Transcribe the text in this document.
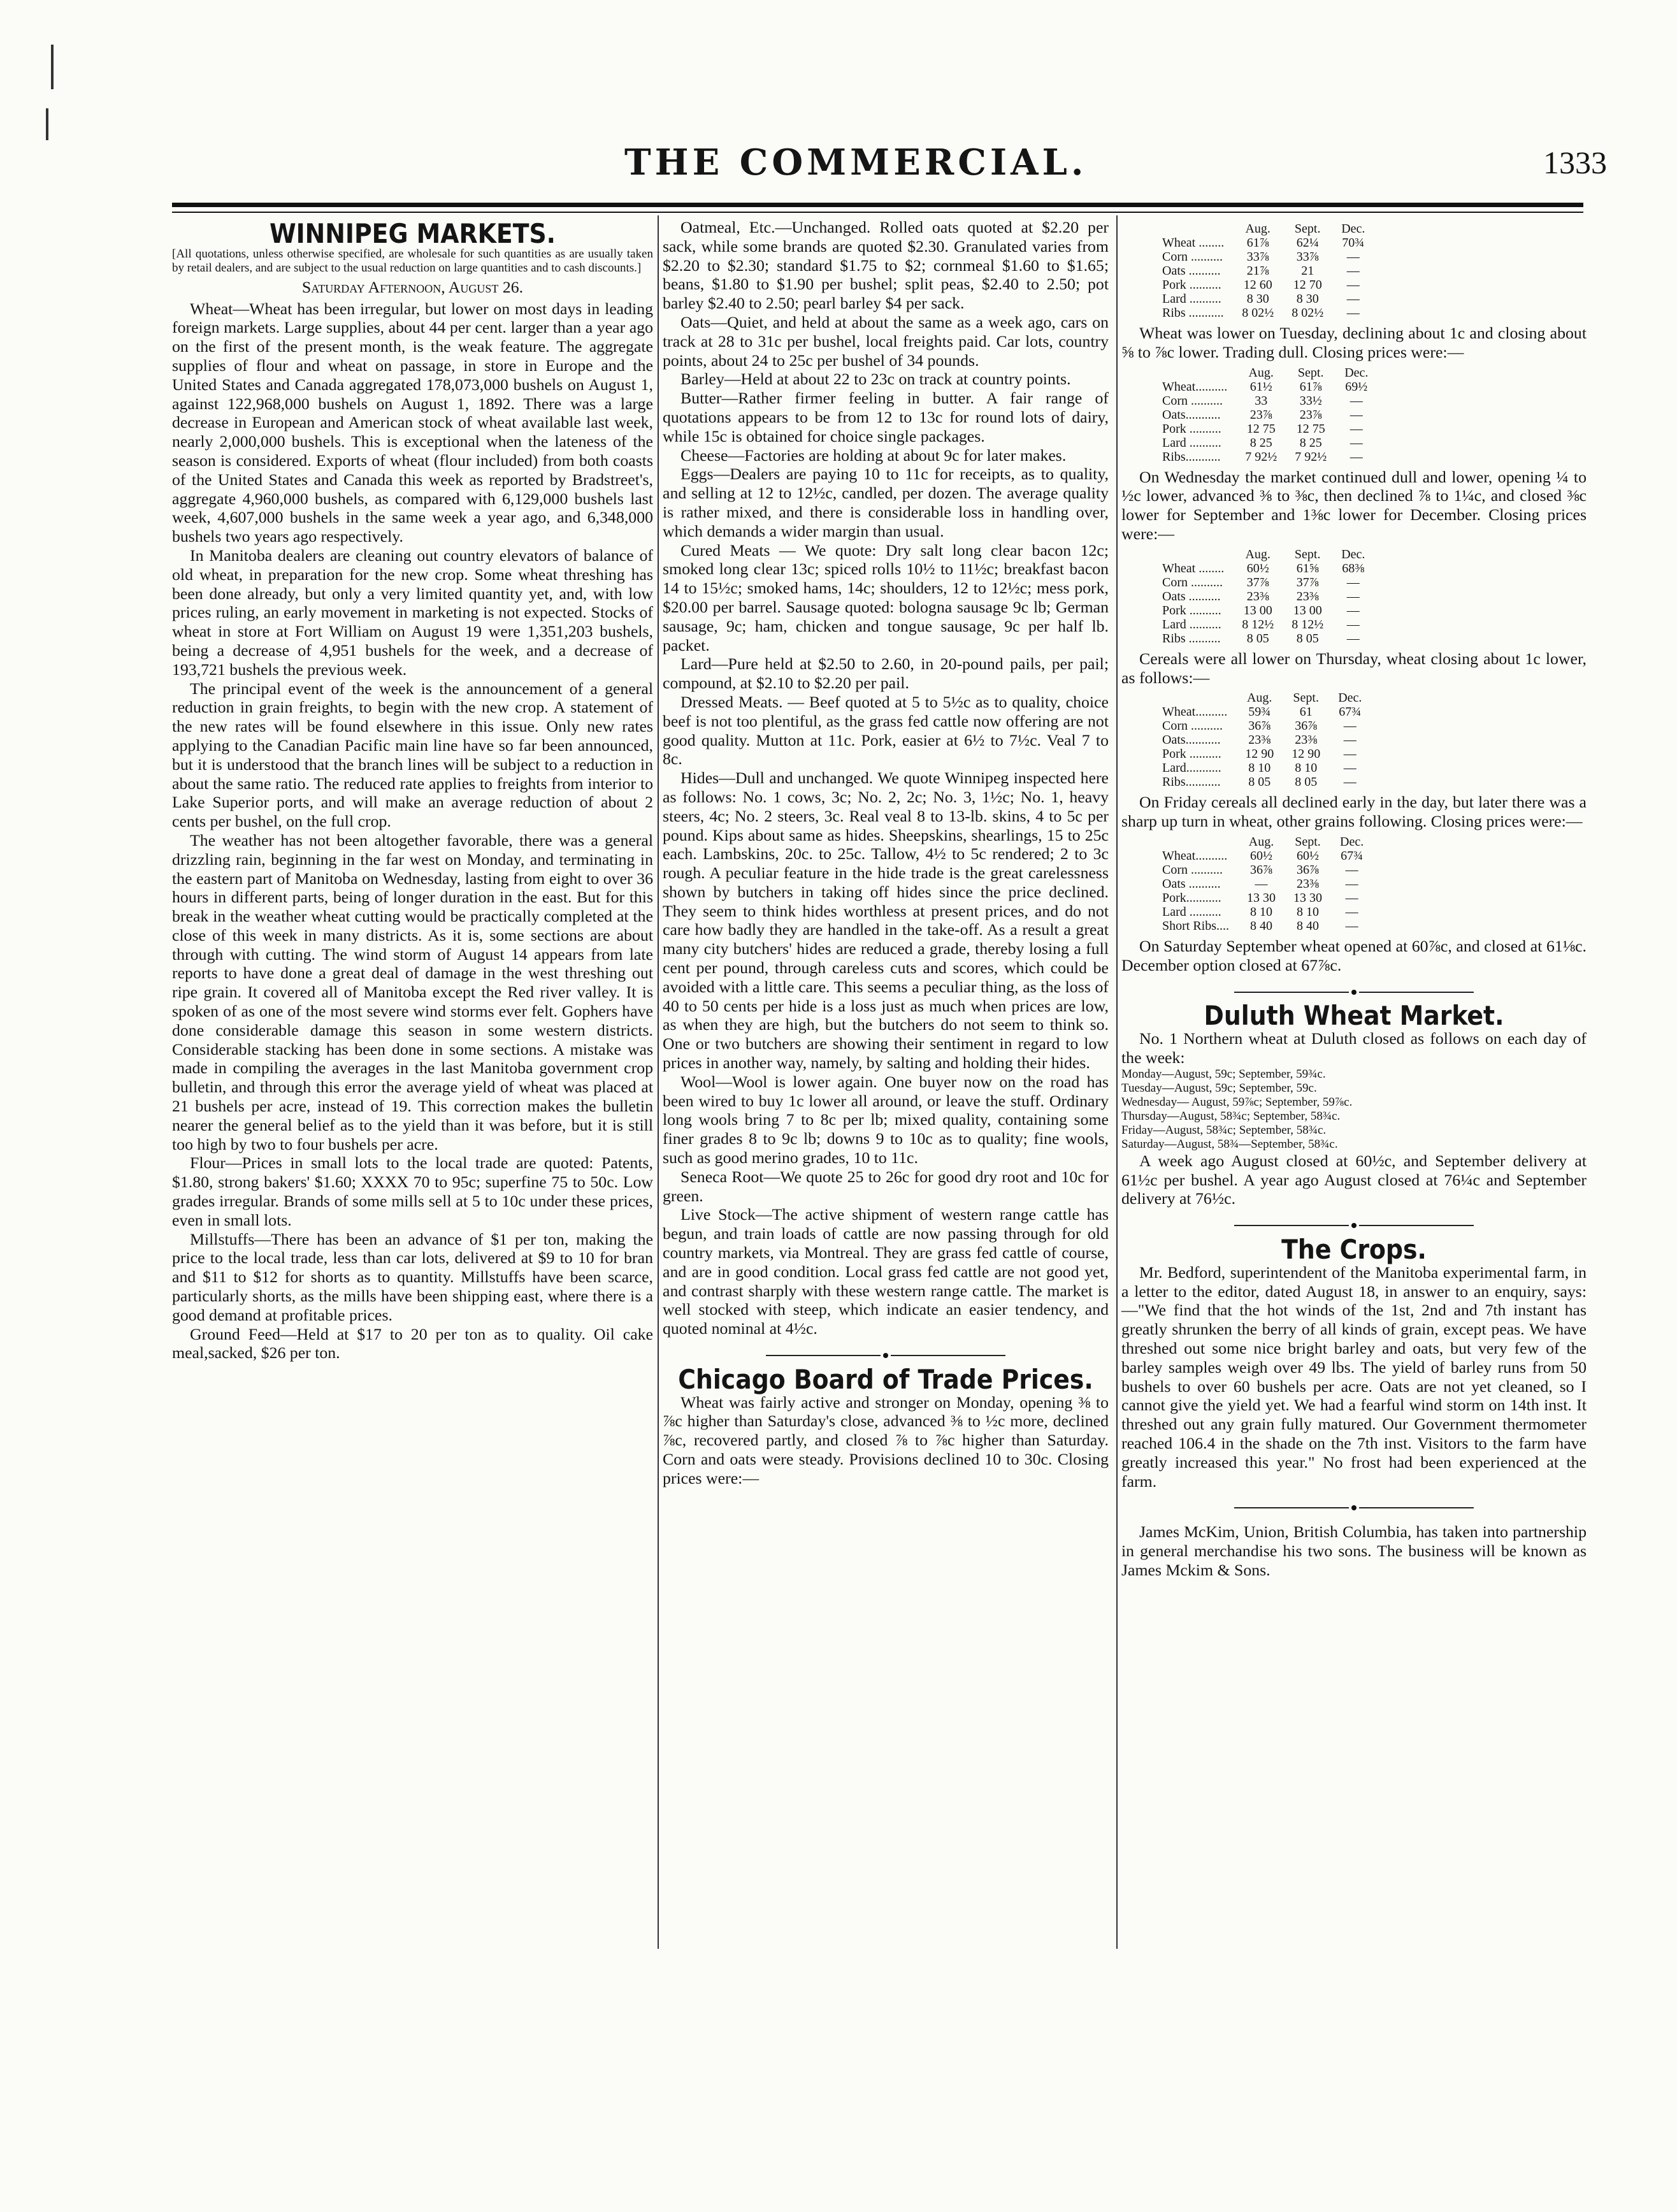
THE COMMERCIAL.	1333
WINNIPEG MARKETS.

[All quotations, unless otherwise specified, are wholesale for such quantities as are usually taken by retail dealers, and are subject to the usual reduction on large quantities and to cash discounts.]

Saturday Afternoon, August 26.

Wheat—Wheat has been irregular, but lower on most days in leading foreign markets. Large supplies, about 44 per cent. larger than a year ago on the first of the present month, is the weak feature. The aggregate supplies of flour and wheat on passage, in store in Europe and the United States and Canada aggregated 178,073,000 bushels on August 1, against 122,968,000 bushels on August 1, 1892. There was a large decrease in European and American stock of wheat available last week, nearly 2,000,000 bushels. This is exceptional when the lateness of the season is considered. Exports of wheat (flour included) from both coasts of the United States and Canada this week as reported by Bradstreet's, aggregate 4,960,000 bushels, as compared with 6,129,000 bushels last week, 4,607,000 bushels in the same week a year ago, and 6,348,000 bushels two years ago respectively.

In Manitoba dealers are cleaning out country elevators of balance of old wheat, in preparation for the new crop. Some wheat threshing has been done already, but only a very limited quantity yet, and, with low prices ruling, an early movement in marketing is not expected. Stocks of wheat in store at Fort William on August 19 were 1,351,203 bushels, being a decrease of 4,951 bushels for the week, and a decrease of 193,721 bushels the previous week.

The principal event of the week is the announcement of a general reduction in grain freights, to begin with the new crop. A statement of the new rates will be found elsewhere in this issue. Only new rates applying to the Canadian Pacific main line have so far been announced, but it is understood that the branch lines will be subject to a reduction in about the same ratio. The reduced rate applies to freights from interior to Lake Superior ports, and will make an average reduction of about 2 cents per bushel, on the full crop.

The weather has not been altogether favorable, there was a general drizzling rain, beginning in the far west on Monday, and terminating in the eastern part of Manitoba on Wednesday, lasting from eight to over 36 hours in different parts, being of longer duration in the east. But for this break in the weather wheat cutting would be practically completed at the close of this week in many districts. As it is, some sections are about through with cutting. The wind storm of August 14 appears from late reports to have done a great deal of damage in the west threshing out ripe grain. It covered all of Manitoba except the Red river valley. It is spoken of as one of the most severe wind storms ever felt. Gophers have done considerable damage this season in some western districts. Considerable stacking has been done in some sections. A mistake was made in compiling the averages in the last Manitoba government crop bulletin, and through this error the average yield of wheat was placed at 21 bushels per acre, instead of 19. This correction makes the bulletin nearer the general belief as to the yield than it was before, but it is still too high by two to four bushels per acre.

Flour—Prices in small lots to the local trade are quoted: Patents, $1.80, strong bakers' $1.60; XXXX 70 to 95c; superfine 75 to 50c. Low grades irregular. Brands of some mills sell at 5 to 10c under these prices, even in small lots.

Millstuffs—There has been an advance of $1 per ton, making the price to the local trade, less than car lots, delivered at $9 to 10 for bran and $11 to $12 for shorts as to quantity. Millstuffs have been scarce, particularly shorts, as the mills have been shipping east, where there is a good demand at profitable prices.

Ground Feed—Held at $17 to 20 per ton as to quality. Oil cake meal,sacked, $26 per ton.

Oatmeal, Etc.—Unchanged. Rolled oats quoted at $2.20 per sack, while some brands are quoted $2.30. Granulated varies from $2.20 to $2.30; standard $1.75 to $2; cornmeal $1.60 to $1.65; beans, $1.80 to $1.90 per bushel; split peas, $2.40 to 2.50; pot barley $2.40 to 2.50; pearl barley $4 per sack.

Oats—Quiet, and held at about the same as a week ago, cars on track at 28 to 31c per bushel, local freights paid. Car lots, country points, about 24 to 25c per bushel of 34 pounds.

Barley—Held at about 22 to 23c on track at country points.

Butter—Rather firmer feeling in butter. A fair range of quotations appears to be from 12 to 13c for round lots of dairy, while 15c is obtained for choice single packages.

Cheese—Factories are holding at about 9c for later makes.

Eggs—Dealers are paying 10 to 11c for receipts, as to quality, and selling at 12 to 12½c, candled, per dozen. The average quality is rather mixed, and there is considerable loss in handling over, which demands a wider margin than usual.

Cured Meats — We quote: Dry salt long clear bacon 12c; smoked long clear 13c; spiced rolls 10½ to 11½c; breakfast bacon 14 to 15½c; smoked hams, 14c; shoulders, 12 to 12½c; mess pork, $20.00 per barrel. Sausage quoted: bologna sausage 9c lb; German sausage, 9c; ham, chicken and tongue sausage, 9c per half lb. packet.

Lard—Pure held at $2.50 to 2.60, in 20-pound pails, per pail; compound, at $2.10 to $2.20 per pail.

Dressed Meats. — Beef quoted at 5 to 5½c as to quality, choice beef is not too plentiful, as the grass fed cattle now offering are not good quality. Mutton at 11c. Pork, easier at 6½ to 7½c. Veal 7 to 8c.

Hides—Dull and unchanged. We quote Winnipeg inspected here as follows: No. 1 cows, 3c; No. 2, 2c; No. 3, 1½c; No. 1, heavy steers, 4c; No. 2 steers, 3c. Real veal 8 to 13-lb. skins, 4 to 5c per pound. Kips about same as hides. Sheepskins, shearlings, 15 to 25c each. Lambskins, 20c. to 25c. Tallow, 4½ to 5c rendered; 2 to 3c rough. A peculiar feature in the hide trade is the great carelessness shown by butchers in taking off hides since the price declined. They seem to think hides worthless at present prices, and do not care how badly they are handled in the take-off. As a result a great many city butchers' hides are reduced a grade, thereby losing a full cent per pound, through careless cuts and scores, which could be avoided with a little care. This seems a peculiar thing, as the loss of 40 to 50 cents per hide is a loss just as much when prices are low, as when they are high, but the butchers do not seem to think so. One or two butchers are showing their sentiment in regard to low prices in another way, namely, by salting and holding their hides.

Wool—Wool is lower again. One buyer now on the road has been wired to buy 1c lower all around, or leave the stuff. Ordinary long wools bring 7 to 8c per lb; mixed quality, containing some finer grades 8 to 9c lb; downs 9 to 10c as to quality; fine wools, such as good merino grades, 10 to 11c.

Seneca Root—We quote 25 to 26c for good dry root and 10c for green.

Live Stock—The active shipment of western range cattle has begun, and train loads of cattle are now passing through for old country markets, via Montreal. They are grass fed cattle of course, and are in good condition. Local grass fed cattle are not good yet, and contrast sharply with these western range cattle. The market is well stocked with steep, which indicate an easier tendency, and quoted nominal at 4½c.

Chicago Board of Trade Prices.

Wheat was fairly active and stronger on Monday, opening ⅜ to ⅞c higher than Saturday's close, advanced ⅜ to ½c more, declined ⅞c, recovered partly, and closed ⅞ to ⅞c higher than Saturday. Corn and oats were steady. Provisions declined 10 to 30c. Closing prices were:—

	Aug.	Sept.	Dec.
Wheat ........	61⅞	62¼	70¾
Corn ..........	33⅞	33⅞	—
Oats ..........	21⅞	21	—
Pork ..........	12 60	12 70	—
Lard ..........	8 30	8 30	—
Ribs ...........	8 02½	8 02½	—

Wheat was lower on Tuesday, declining about 1c and closing about ⅝ to ⅞c lower. Trading dull. Closing prices were:—

	Aug.	Sept.	Dec.
Wheat..........	61½	61⅞	69½
Corn ..........	33	33½	—
Oats...........	23⅞	23⅞	—
Pork ..........	12 75	12 75	—
Lard ..........	8 25	8 25	—
Ribs...........	7 92½	7 92½	—

On Wednesday the market continued dull and lower, opening ¼ to ½c lower, advanced ⅜ to ⅜c, then declined ⅞ to 1¼c, and closed ⅜c lower for September and 1⅜c lower for December. Closing prices were:—

	Aug.	Sept.	Dec.
Wheat ........	60½	61⅝	68⅜
Corn ..........	37⅞	37⅞	—
Oats ..........	23⅜	23⅜	—
Pork ..........	13 00	13 00	—
Lard ..........	8 12½	8 12½	—
Ribs ..........	8 05	8 05	—

Cereals were all lower on Thursday, wheat closing about 1c lower, as follows:—

	Aug.	Sept.	Dec.
Wheat..........	59¾	61	67¾
Corn ..........	36⅞	36⅞	—
Oats...........	23⅜	23⅜	—
Pork ..........	12 90	12 90	—
Lard...........	8 10	8 10	—
Ribs...........	8 05	8 05	—

On Friday cereals all declined early in the day, but later there was a sharp up turn in wheat, other grains following. Closing prices were:—

	Aug.	Sept.	Dec.
Wheat..........	60½	60½	67¾
Corn ..........	36⅞	36⅞	—
Oats ..........	—	23⅜	—
Pork...........	13 30	13 30	—
Lard ..........	8 10	8 10	—
Short Ribs....	8 40	8 40	—

On Saturday September wheat opened at 60⅞c, and closed at 61⅛c. December option closed at 67⅞c.

Duluth Wheat Market.

No. 1 Northern wheat at Duluth closed as follows on each day of the week:

Monday—August, 59c; September, 59¾c.

Tuesday—August, 59c; September, 59c.

Wednesday— August, 59⅞c; September, 59⅞c.

Thursday—August, 58¾c; September, 58¾c.

Friday—August, 58¾c; September, 58¾c.

Saturday—August, 58¾—September, 58¾c.

A week ago August closed at 60½c, and September delivery at 61½c per bushel. A year ago August closed at 76¼c and September delivery at 76½c.

The Crops.

Mr. Bedford, superintendent of the Manitoba experimental farm, in a letter to the editor, dated August 18, in answer to an enquiry, says:—"We find that the hot winds of the 1st, 2nd and 7th instant has greatly shrunken the berry of all kinds of grain, except peas. We have threshed out some nice bright barley and oats, but very few of the barley samples weigh over 49 lbs. The yield of barley runs from 50 bushels to over 60 bushels per acre. Oats are not yet cleaned, so I cannot give the yield yet. We had a fearful wind storm on 14th inst. It threshed out any grain fully matured. Our Government thermometer reached 106.4 in the shade on the 7th inst. Visitors to the farm have greatly increased this year." No frost had been experienced at the farm.

James McKim, Union, British Columbia, has taken into partnership in general merchandise his two sons. The business will be known as James Mckim & Sons.
